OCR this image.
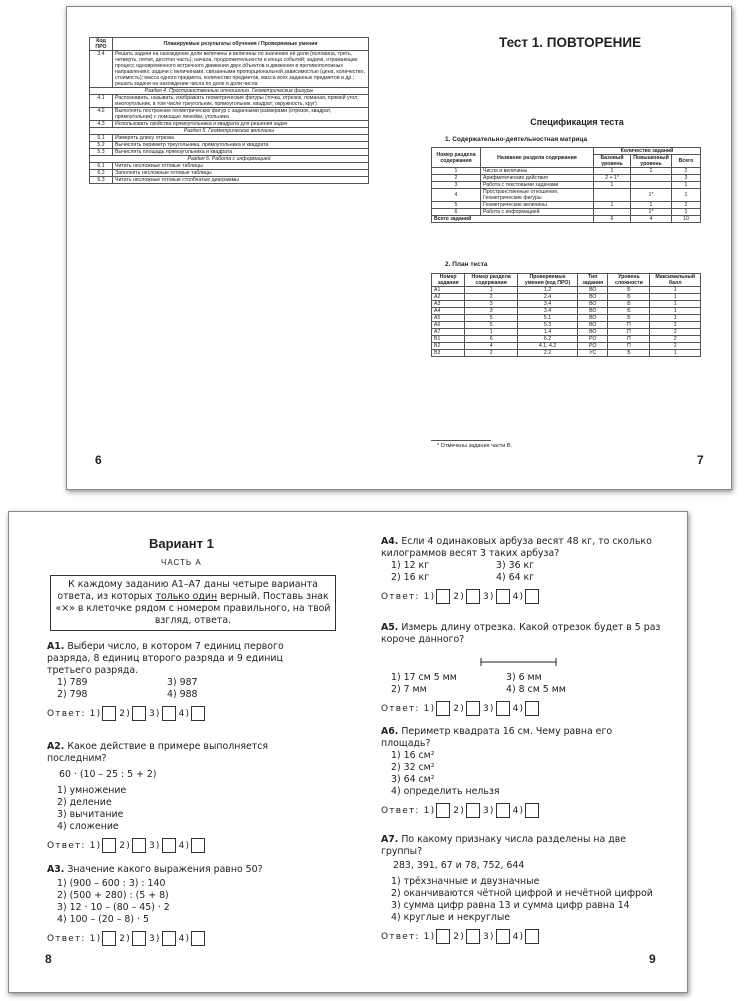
Код ПРО	Планируемые результаты обучения / Проверяемые умения
3.4	Решать задачи на нахождение доли величины и величины по значению её доли (половина, треть, четверть, пятая, десятая часть); начала, продолжительности и конца событий; задачи, отражающие процесс одновременного встречного движения двух объектов и движения в противоположных направлениях; задачи с величинами, связанными пропорциональной зависимостью (цена, количество, стоимость); масса одного предмета, количество предметов, масса всех заданных предметов и др.; решать задачи на нахождение числа по доле и доли числа
Раздел 4. Пространственные отношения. Геометрические фигуры	
4.1	Распознавать, называть, изображать геометрические фигуры (точка, отрезок, ломаная, прямой угол; многоугольник, в том числе треугольник, прямоугольник, квадрат; окружность, круг)
4.2	Выполнять построение геометрических фигур с заданными размерами (отрезок, квадрат, прямоугольник) с помощью линейки, угольника
4.3	Использовать свойства прямоугольника и квадрата для решения задач
Раздел 5. Геометрические величины	
5.1	Измерять длину отрезка
5.2	Вычислять периметр треугольника, прямоугольника и квадрата
5.3	Вычислять площадь прямоугольника и квадрата
Раздел 6. Работа с информацией	
6.1	Читать несложные готовые таблицы
6.2	Заполнять несложные готовые таблицы
6.3	Читать несложные готовые столбчатые диаграммы
6
Тест 1. ПОВТОРЕНИЕ
Спецификация теста
1. Содержательно-деятельностная матрица
Номер раздела содержания	Название раздела содержания	Количество заданий		
		Базовый уровень	Повышенный уровень	Всего
1	Числа и величины	1	1	2
2	Арифметические действия	2 + 1*		3
3	Работа с текстовыми задачами	1		1
4	Пространственные отношения. Геометрические фигуры		1*	1
5	Геометрические величины	1	1	2
6	Работа с информацией		1*	1
Всего заданий		6	4	10
2. План теста
Номер задания	Номер раздела содержания	Проверяемые умения (код ПРО)	Тип задания	Уровень сложности	Максимальный балл
А1	1	1.2	ВО	Б	1
А2	2	2.4	ВО	Б	1
А3	3	3.4	ВО	Б	1
А4	3	3.4	ВО	Б	1
А5	5	5.1	ВО	Б	1
А6	5	5.3	ВО	П	2
А7	1	1.4	ВО	П	2
В1	6	6.2	РО	П	2
В2	4	4.1, 4.2	РО	П	2
В3	2	2.2	УС	Б	1
* Отмечены задания части В.
7
Вариант 1
ЧАСТЬ А
К каждому заданию А1–А7 даны четыре варианта ответа, из которых только один верный. Поставь знак «×» в клеточке рядом с номером правильного, на твой взгляд, ответа.
А1. Выбери число, в котором 7 единиц первого разряда, 8 единиц второго разряда и 9 единиц третьего разряда.
1) 789	3) 987
2) 798	4) 988
Ответ: 1) 2) 3) 4)
А2. Какое действие в примере выполняется последним?
60 · (10 – 25 : 5 + 2)
1) умножение
2) деление
3) вычитание
4) сложение
Ответ: 1) 2) 3) 4)
А3. Значение какого выражения равно 50?
1) (900 – 600 : 3) : 140
2) (500 + 280) : (5 + 8)
3) 12 · 10 – (80 – 45) · 2
4) 100 – (20 – 8) · 5
Ответ: 1) 2) 3) 4)
8
А4. Если 4 одинаковых арбуза весят 48 кг, то сколько килограммов весят 3 таких арбуза?
1) 12 кг	3) 36 кг
2) 16 кг	4) 64 кг
Ответ: 1) 2) 3) 4)
А5. Измерь длину отрезка. Какой отрезок будет в 5 раз короче данного?
1) 17 см 5 мм	3) 6 мм
2) 7 мм	4) 8 см 5 мм
Ответ: 1) 2) 3) 4)
А6. Периметр квадрата 16 см. Чему равна его площадь?
1) 16 см²
2) 32 см²
3) 64 см²
4) определить нельзя
Ответ: 1) 2) 3) 4)
А7. По какому признаку числа разделены на две группы?
283, 391, 67 и 78, 752, 644
1) трёхзначные и двузначные
2) оканчиваются чётной цифрой и нечётной цифрой
3) сумма цифр равна 13 и сумма цифр равна 14
4) круглые и некруглые
Ответ: 1) 2) 3) 4)
9
